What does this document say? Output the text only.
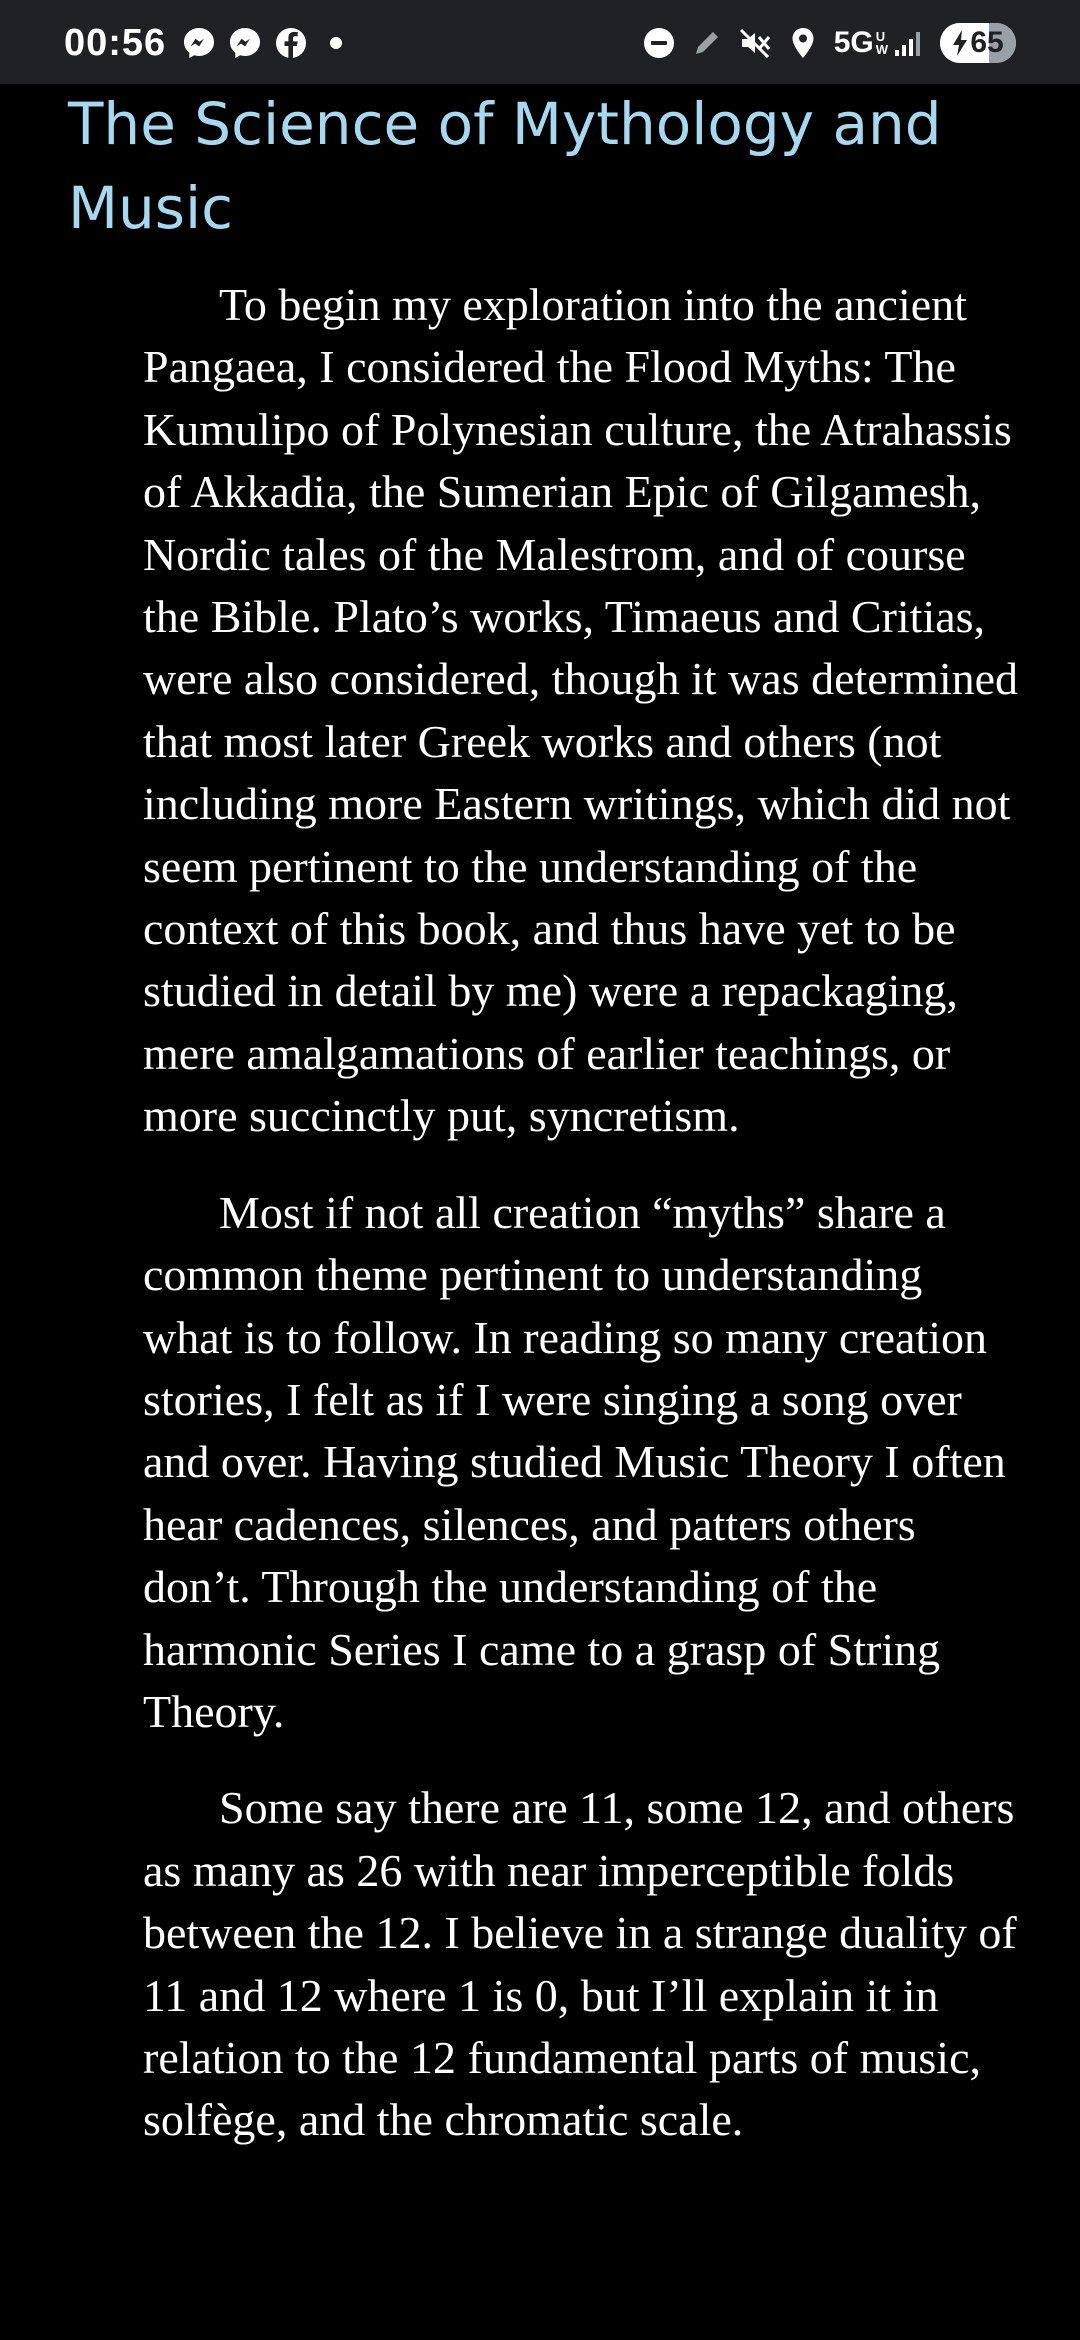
00:56	5G U
W	65
The Science of Mythology and Music

To begin my exploration into the ancient Pangaea, I considered the Flood Myths: The Kumulipo of Polynesian culture, the Atrahassis of Akkadia, the Sumerian Epic of Gilgamesh, Nordic tales of the Malestrom, and of course the Bible. Plato’s works, Timaeus and Critias, were also considered, though it was determined that most later Greek works and others (not including more Eastern writings, which did not seem pertinent to the understanding of the context of this book, and thus have yet to be studied in detail by me) were a repackaging, mere amalgamations of earlier teachings, or more succinctly put, syncretism.

Most if not all creation “myths” share a common theme pertinent to understanding what is to follow. In reading so many creation stories, I felt as if I were singing a song over and over. Having studied Music Theory I often hear cadences, silences, and patters others don’t. Through the understanding of the harmonic Series I came to a grasp of String Theory.

Some say there are 11, some 12, and others as many as 26 with near imperceptible folds between the 12. I believe in a strange duality of 11 and 12 where 1 is 0, but I’ll explain it in relation to the 12 fundamental parts of music, solfège, and the chromatic scale.
